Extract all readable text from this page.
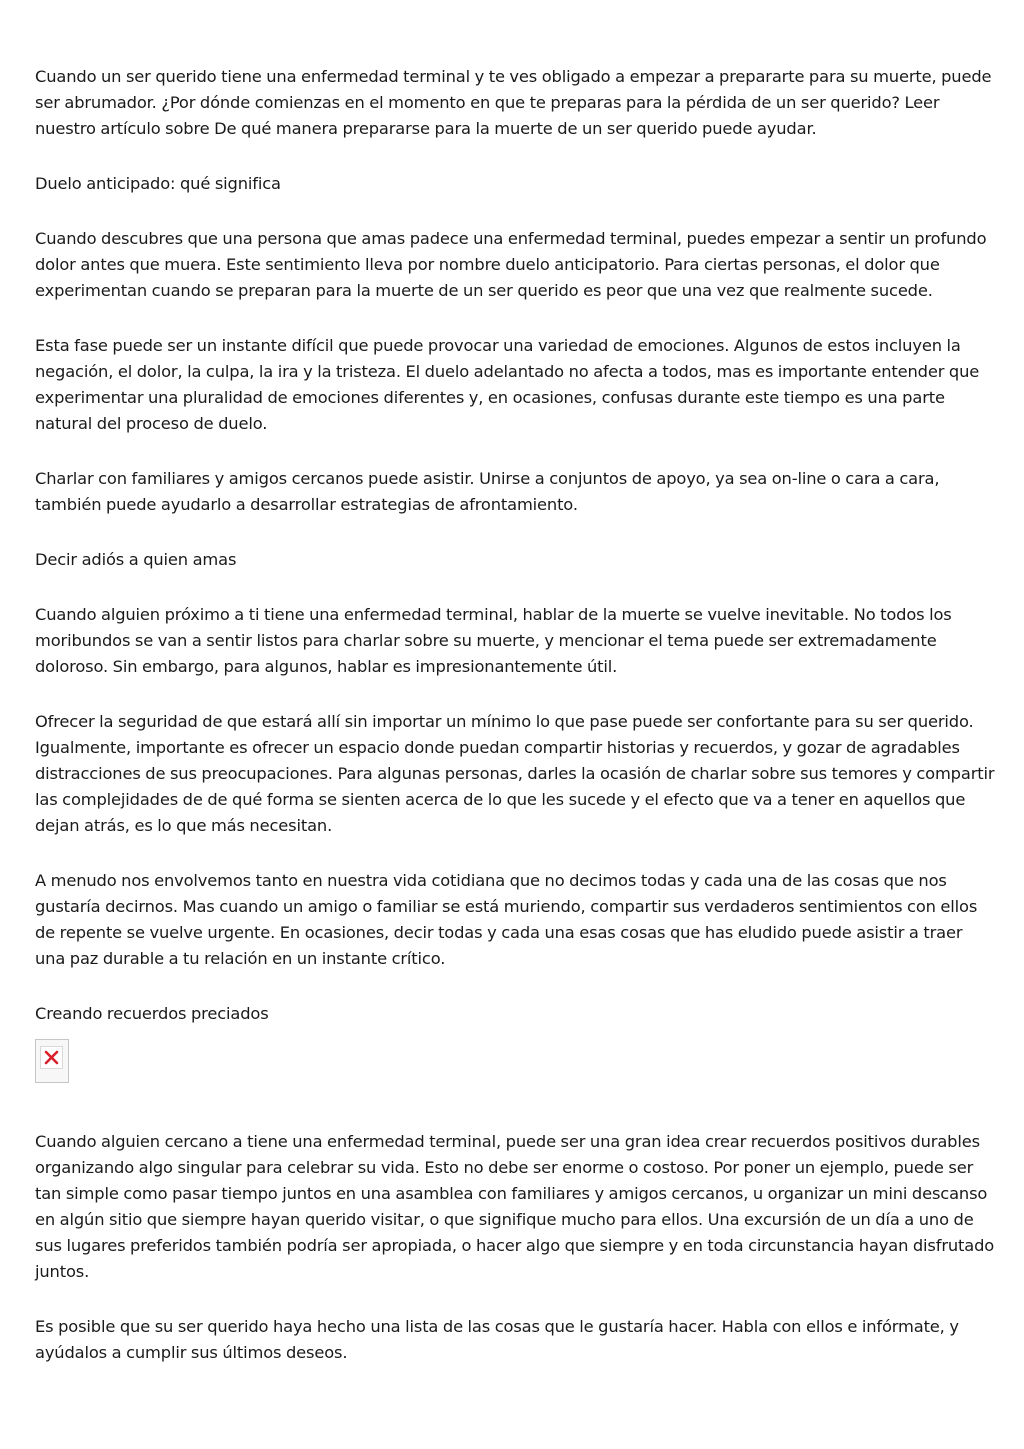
Cuando un ser querido tiene una enfermedad terminal y te ves obligado a empezar a prepararte para su muerte, puede ser abrumador. ¿Por dónde comienzas en el momento en que te preparas para la pérdida de un ser querido? Leer nuestro artículo sobre De qué manera prepararse para la muerte de un ser querido puede ayudar.

Duelo anticipado: qué significa

Cuando descubres que una persona que amas padece una enfermedad terminal, puedes empezar a sentir un profundo dolor antes que muera. Este sentimiento lleva por nombre duelo anticipatorio. Para ciertas personas, el dolor que experimentan cuando se preparan para la muerte de un ser querido es peor que una vez que realmente sucede.

Esta fase puede ser un instante difícil que puede provocar una variedad de emociones. Algunos de estos incluyen la negación, el dolor, la culpa, la ira y la tristeza. El duelo adelantado no afecta a todos, mas es importante entender que experimentar una pluralidad de emociones diferentes y, en ocasiones, confusas durante este tiempo es una parte natural del proceso de duelo.

Charlar con familiares y amigos cercanos puede asistir. Unirse a conjuntos de apoyo, ya sea on-line o cara a cara, también puede ayudarlo a desarrollar estrategias de afrontamiento.

Decir adiós a quien amas

Cuando alguien próximo a ti tiene una enfermedad terminal, hablar de la muerte se vuelve inevitable. No todos los moribundos se van a sentir listos para charlar sobre su muerte, y mencionar el tema puede ser extremadamente doloroso. Sin embargo, para algunos, hablar es impresionantemente útil.

Ofrecer la seguridad de que estará allí sin importar un mínimo lo que pase puede ser confortante para su ser querido. Igualmente, importante es ofrecer un espacio donde puedan compartir historias y recuerdos, y gozar de agradables distracciones de sus preocupaciones. Para algunas personas, darles la ocasión de charlar sobre sus temores y compartir las complejidades de de qué forma se sienten acerca de lo que les sucede y el efecto que va a tener en aquellos que dejan atrás, es lo que más necesitan.

A menudo nos envolvemos tanto en nuestra vida cotidiana que no decimos todas y cada una de las cosas que nos gustaría decirnos. Mas cuando un amigo o familiar se está muriendo, compartir sus verdaderos sentimientos con ellos de repente se vuelve urgente. En ocasiones, decir todas y cada una esas cosas que has eludido puede asistir a traer una paz durable a tu relación en un instante crítico.

Creando recuerdos preciados

Cuando alguien cercano a tiene una enfermedad terminal, puede ser una gran idea crear recuerdos positivos durables organizando algo singular para celebrar su vida. Esto no debe ser enorme o costoso. Por poner un ejemplo, puede ser tan simple como pasar tiempo juntos en una asamblea con familiares y amigos cercanos, u organizar un mini descanso en algún sitio que siempre hayan querido visitar, o que signifique mucho para ellos. Una excursión de un día a uno de sus lugares preferidos también podría ser apropiada, o hacer algo que siempre y en toda circunstancia hayan disfrutado juntos.

Es posible que su ser querido haya hecho una lista de las cosas que le gustaría hacer. Habla con ellos e infórmate, y ayúdalos a cumplir sus últimos deseos.
